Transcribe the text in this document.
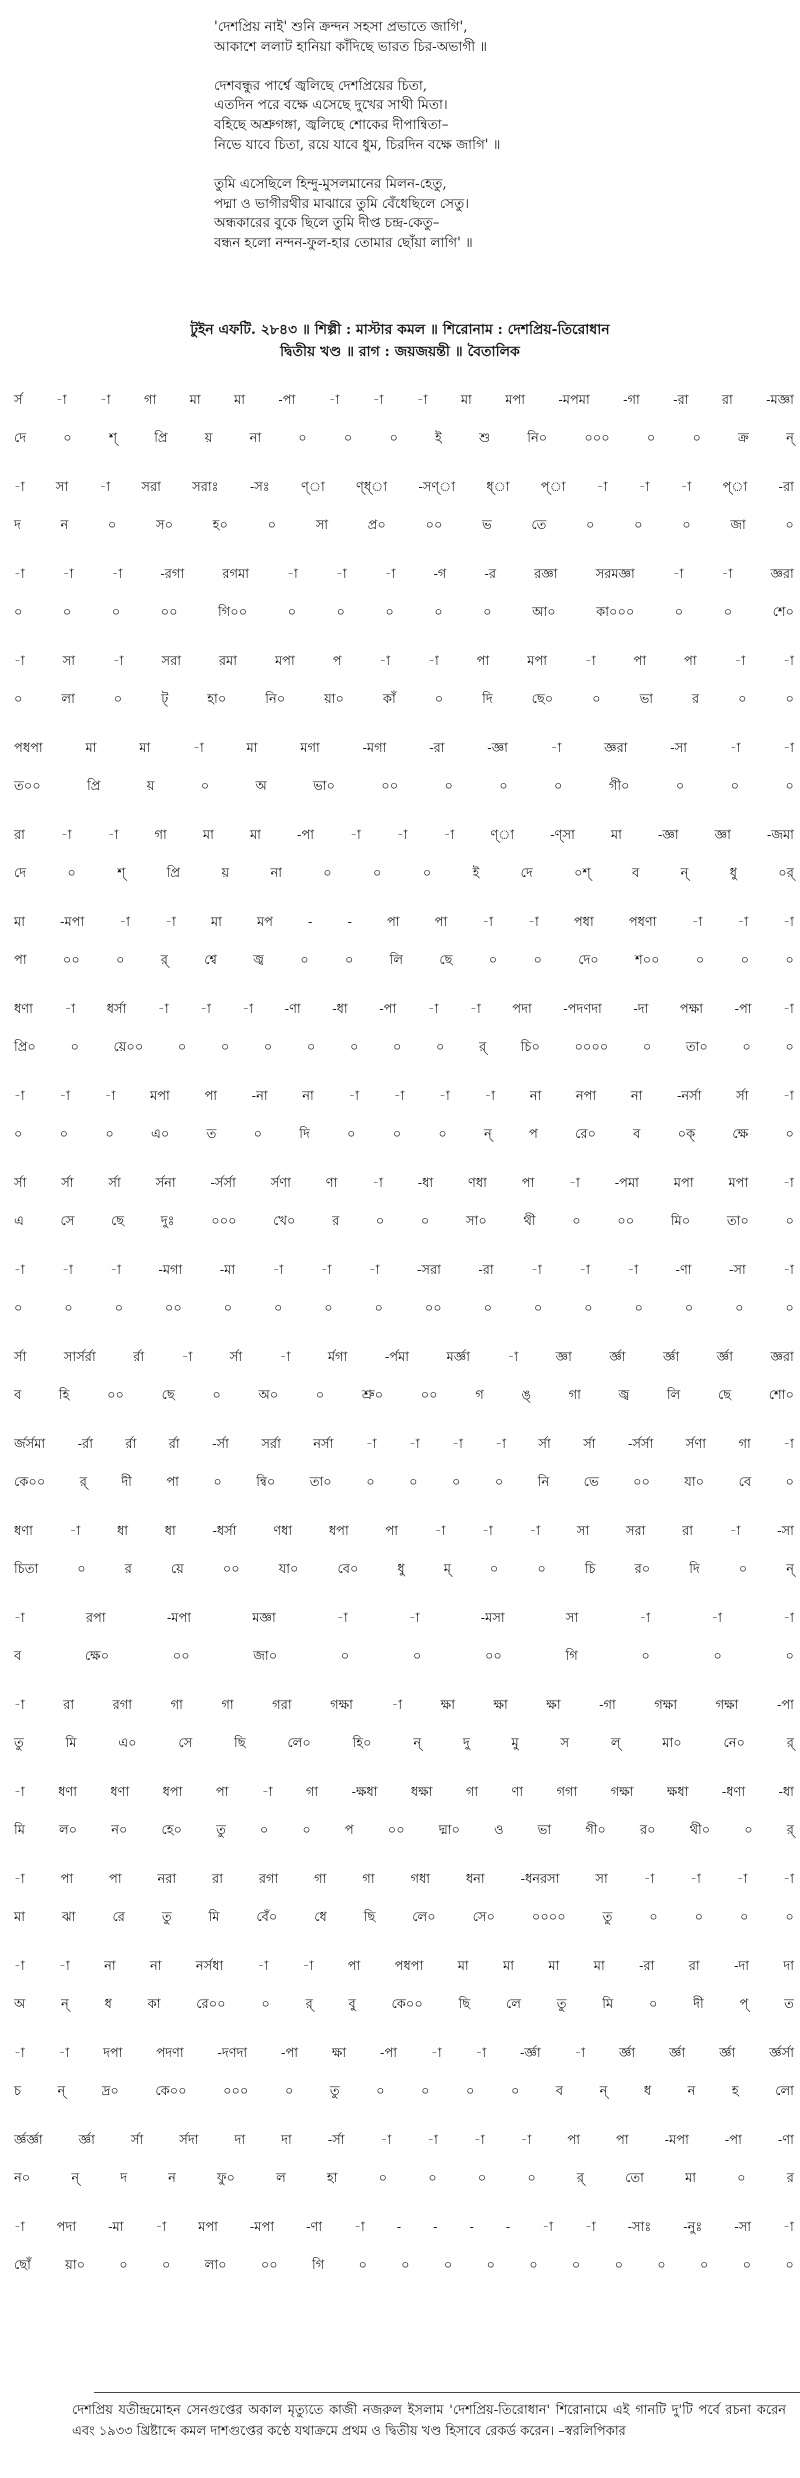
'দেশপ্রিয় নাই' শুনি ক্রন্দন সহসা প্রভাতে জাগি',
আকাশে ললাট হানিয়া কাঁদিছে ভারত চির-অভাগী ॥
দেশবন্ধুর পার্শ্বে জ্বলিছে দেশপ্রিয়ের চিতা,
এতদিন পরে বক্ষে এসেছে দুখের সাথী মিতা।
বহিছে অশ্রুগঙ্গা, জ্বলিছে শোকের দীপান্বিতা–
নিভে যাবে চিতা, রয়ে যাবে ধুম, চিরদিন বক্ষে জাগি' ॥
তুমি এসেছিলে হিন্দু-মুসলমানের মিলন-হেতু,
পদ্মা ও ভাগীরথীর মাঝারে তুমি বেঁধেছিলে সেতু।
অন্ধকারের বুকে ছিলে তুমি দীপ্ত চন্দ্র-কেতু–
বন্ধন হলো নন্দন-ফুল-হার তোমার ছোঁয়া লাগি' ॥
টুইন এফটি. ২৮৪৩ ॥ শিল্পী : মাস্টার কমল ॥ শিরোনাম : দেশপ্রিয়-তিরোধান
দ্বিতীয় খণ্ড ॥ রাগ : জয়জয়ন্তী ॥ বৈতালিক
র্স	-া	-া	গা	মা	মা	-পা	-া	-া	-া	মা	মপা	-মপমা	-গা	-রা	রা	-মজ্ঞা
দে	০	শ্	প্রি	য়	না	০	০	০	ই	শু	নি০	০০০	০	০	ক্র	ন্
-া সা -া সরা সরাঃ -সঃ ণ্া ণ্ধ্া -সণ্া ধ্া প্া -া -া -া প্া -রা
দ	ন	০	স০	হ০	০	সা	প্র০	০০	ভ	তে	০	০	০	জা	০
-া	-া	-া	-রগা	রগমা	-া	-া	-া	-গ	-র	রজ্ঞা	সরমজ্ঞা	-া	-া	জ্ঞরা
০	০	০	০০	গি০০	০	০	০	০	০	আ০	কা০০০	০	০	শে০
-া	সা	-া	সরা	রমা	মপা	প	-া	-া	পা	মপা	-া	পা	পা	-া	-া
০	লা	০	ট্	হা০	নি০	য়া০	কাঁ	০	দি	ছে০	০	ভা	র	০	০
পধপা	মা	মা	-া	মা	মগা	-মগা	-রা	-জ্ঞা	-া	জ্ঞরা	-সা	-া	-া
ত০০	প্রি	য়	০	অ	ভা০	০০	০	০	০	গী০	০	০	০
রা	-া	-া	গা	মা	মা	-পা	-া	-া	-া	ণ্া	-ণ্সা	মা	-জ্ঞা	জ্ঞা	-জমা
দে	০	শ্	প্রি	য়	না	০	০	০	ই	দে	০শ্	ব	ন্	ধু	০র্
মা	-মপা	-া	-া	মা	মপ	-	-	পা	পা	-া	-া	পধা	পধণা	-া	-া	-া
পা	০০	০	র্	শ্বে	জ্ব	০	০	লি	ছে	০	০	দে০	শ০০	০	০	০
ধণা -া ধর্সা -া -া -া -ণা -ধা -পা -া -া পদা -পদণদা -দা পক্ষা -পা -া
প্রি০	০	য়ে০০	০	০	০	০	০	০	০	র্	চি০	০০০০	০	তা০	০	০
-া	-া	-া	মপা	পা	-না	না	-া	-া	-া	-া	না	নপা	না	-নর্সা	র্সা	-া
০	০	০	এ০	ত	০	দি	০	০	০	ন্	প	রে০	ব	০ক্	ক্ষে	০
র্সা	র্সা	র্সা	র্সনা	-র্সর্সা	র্সণা	ণা	-া	-ধা	ণধা	পা	-া	-পমা	মপা	মপা	-া
এ	সে	ছে	দুঃ	০০০	খে০	র	০	০	সা০	থী	০	০০	মি০	তা০	০
-া	-া	-া	-মগা	-মা	-া	-া	-া	-সরা	-রা	-া	-া	-া	-ণা	-সা	-া
০	০	০	০০	০	০	০	০	০০	০	০	০	০	০	০	০
র্সা	সার্সর্রা	র্রা	-া	র্সা	-া	র্মগা	-র্পমা	মর্জ্ঞা	-া	জ্ঞা	র্জ্ঞা	র্জ্ঞা	র্জ্ঞা	জ্ঞরা
ব	হি	০০	ছে	০	অ০	০	শ্রু০	০০	গ	ঙ্	গা	জ্ব	লি	ছে	শো০
র্জর্সমা -র্রা র্রা র্রা -র্সা সর্রা নর্সা -া -া -া -া র্সা র্সা -র্সর্সা র্সণা গা -া
কে০০	র্	দী	পা	০	ন্বি০	তা০	০	০	০	০	নি	ভে	০০	যা০	বে	০
ধণা	-া	ধা	ধা	-ধর্সা	ণধা	ধপা	পা	-া	-া	-া	সা	সরা	রা	-া	-সা
চিতা	০	র	য়ে	০০	যা০	বে০	ধু	ম্	০	০	চি	র০	দি	০	ন্
-া	রপা	-মপা	মজ্ঞা	-া	-া	-মসা	সা	-া	-া	-া
ব	ক্ষে০	০০	জা০	০	০	০০	গি	০	০	০
-া	রা	রগা	গা	গা	গরা	গক্ষা	-া	ক্ষা	ক্ষা	ক্ষা	-গা	গক্ষা	গক্ষা	-পা
তু	মি	এ০	সে	ছি	লে০	হি০	ন্	দু	মু	স	ল্	মা০	নে০	র্
-া	ধণা	ধণা	ধপা	পা	-া	গা	-ক্ষধা	ধক্ষা	গা	ণা	গগা	গক্ষা	ক্ষধা	-ধণা	-ধা
মি	ল০	ন০	হে০	তু	০	০	প	০০	দ্মা০	ও	ভা	গী০	র০	থী০	০	র্
-া	পা	পা	নরা	রা	রগা	গা	গা	গধা	ধনা	-ধনরসা	সা	-া	-া	-া	-া
মা	ঝা	রে	তু	মি	বেঁ০	ধে	ছি	লে০	সে০	০০০০	তু	০	০	০	০
-া	-া	না	না	নর্সধা	-া	-া	পা	পধপা	মা	মা	মা	মা	-রা	রা	-দা	দা
অ	ন্	ধ	কা	রে০০	০	র্	বু	কে০০	ছি	লে	তু	মি	০	দী	প্	ত
-া	-া	দপা	পদণা	-দণদা	-পা	ক্ষা	-পা	-া	-া	-র্জ্ঞা	-া	র্জ্ঞা	র্জ্ঞা	র্জ্ঞা	র্জ্ঞর্সা
চ	ন্	দ্র০	কে০০	০০০	০	তু	০	০	০	০	ব	ন্	ধ	ন	হ	লো
র্জ্ঞর্জ্ঞা	র্জ্ঞা	র্সা	র্সদা	দা	দা	-র্সা	-া	-া	-া	-া	পা	পা	-মপা	-পা	-ণা
ন০	ন্	দ	ন	ফু০	ল	হা	০	০	০	০	র্	তো	মা	০	র
-া পদা -মা -া মপা -মপা -ণা -া - - - - -া -া -সাঃ -নুঃ -সা -া
ছোঁ	য়া০	০	০	লা০	০০	গি	০	০	০	০	০	০	০	০	০	০	০
দেশপ্রিয় যতীন্দ্রমোহন সেনগুপ্তের অকাল মৃত্যুতে কাজী নজরুল ইসলাম 'দেশপ্রিয়-তিরোধান' শিরোনামে এই গানটি দু'টি পর্বে রচনা করেন এবং ১৯৩৩ খ্রিষ্টাব্দে কমল দাশগুপ্তের কণ্ঠে যথাক্রমে প্রথম ও দ্বিতীয় খণ্ড হিসাবে রেকর্ড করেন। –স্বরলিপিকার
